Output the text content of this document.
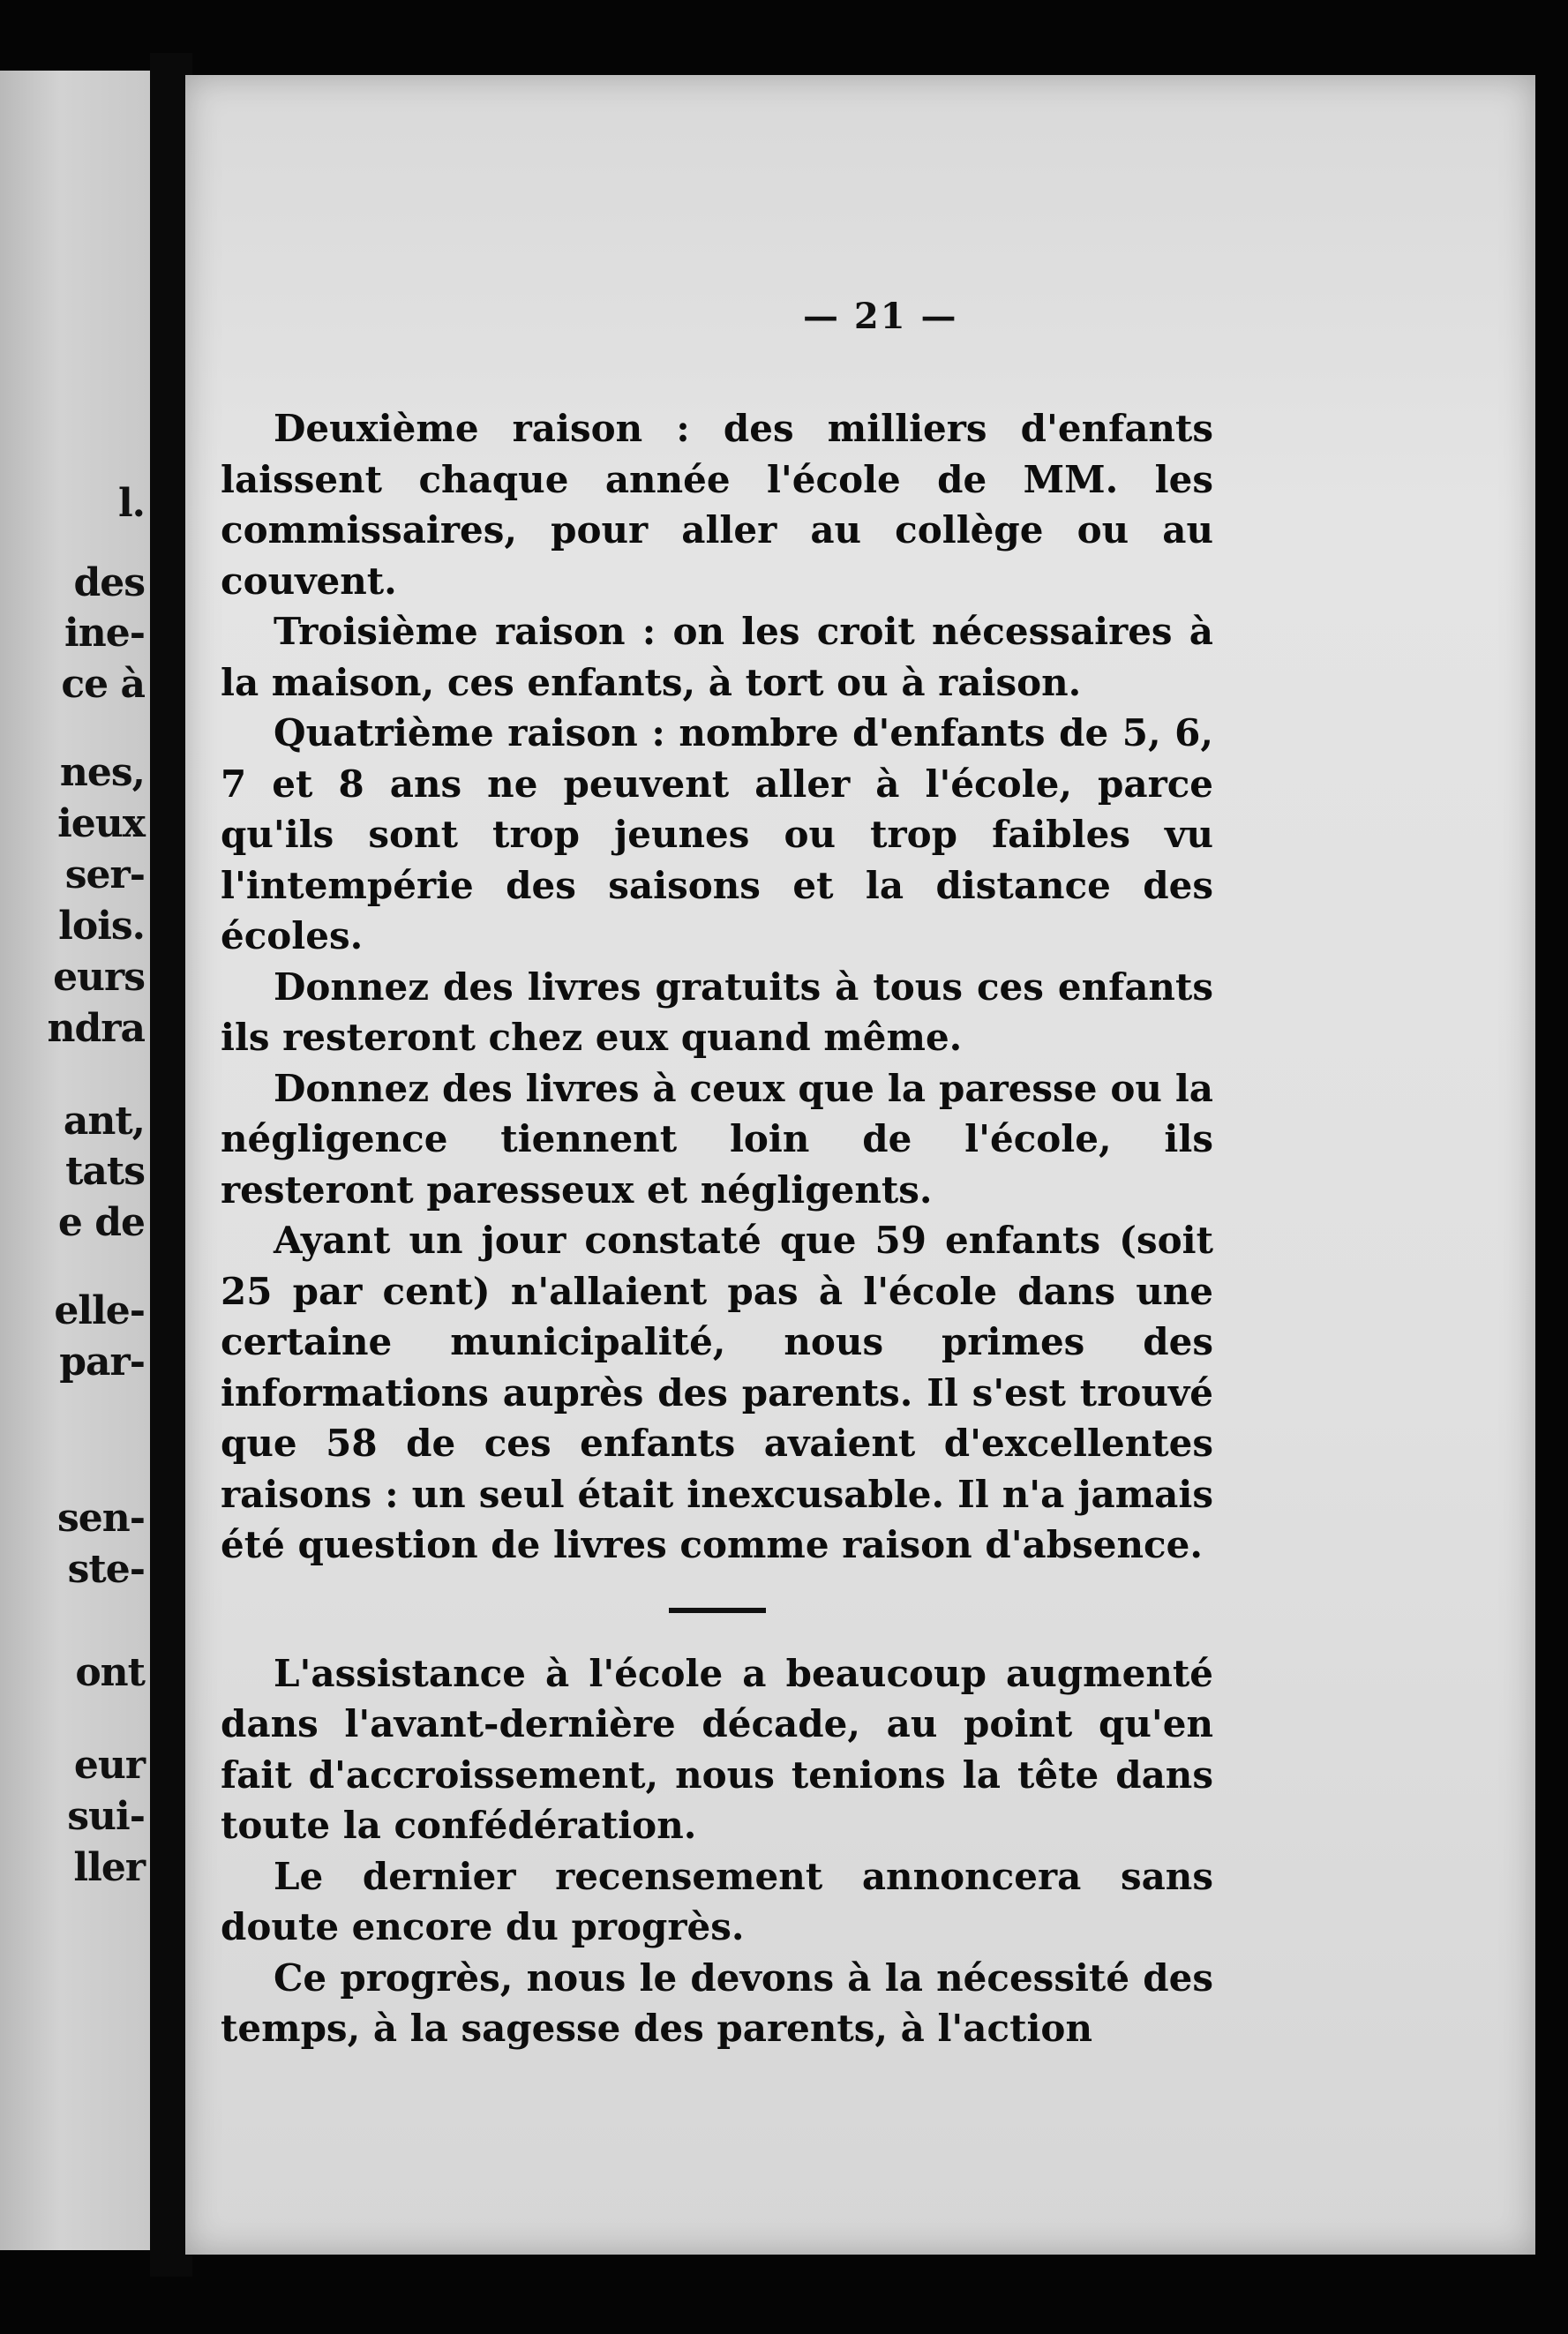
l.
des
ine-
ce à
nes,
ieux
ser-
lois.
eurs
ndra
ant,
tats
e de
elle-
par-
sen-
ste-
ont
eur
sui-
ller
— 21 —

Deuxième raison : des milliers d'enfants laissent chaque année l'école de MM. les commissaires, pour aller au collège ou au couvent.

Troisième raison : on les croit nécessaires à la maison, ces enfants, à tort ou à raison.

Quatrième raison : nombre d'enfants de 5, 6, 7 et 8 ans ne peuvent aller à l'école, parce qu'ils sont trop jeunes ou trop faibles vu l'intempérie des saisons et la distance des écoles.

Donnez des livres gratuits à tous ces enfants ils resteront chez eux quand même.

Donnez des livres à ceux que la paresse ou la négligence tiennent loin de l'école, ils resteront paresseux et négligents.

Ayant un jour constaté que 59 enfants (soit 25 par cent) n'allaient pas à l'école dans une certaine municipalité, nous primes des informations auprès des parents. Il s'est trouvé que 58 de ces enfants avaient d'excellentes raisons : un seul était inexcusable. Il n'a jamais été question de livres comme raison d'absence.

L'assistance à l'école a beaucoup augmenté dans l'avant-dernière décade, au point qu'en fait d'accroissement, nous tenions la tête dans toute la confédération.

Le dernier recensement annoncera sans doute encore du progrès.

Ce progrès, nous le devons à la nécessité des temps, à la sagesse des parents, à l'action
